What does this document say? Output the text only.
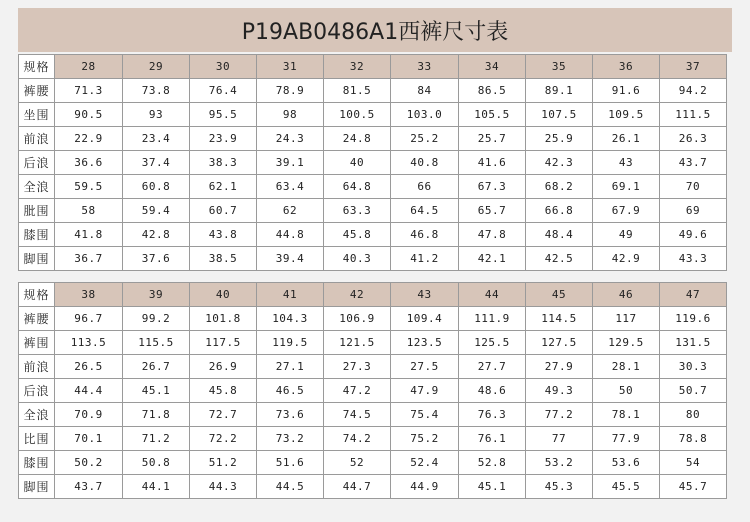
P19AB0486A1西裤尺寸表
规格	28	29	30	31	32	33	34	35	36	37
裤腰	71.3	73.8	76.4	78.9	81.5	84	86.5	89.1	91.6	94.2
坐围	90.5	93	95.5	98	100.5	103.0	105.5	107.5	109.5	111.5
前浪	22.9	23.4	23.9	24.3	24.8	25.2	25.7	25.9	26.1	26.3
后浪	36.6	37.4	38.3	39.1	40	40.8	41.6	42.3	43	43.7
全浪	59.5	60.8	62.1	63.4	64.8	66	67.3	68.2	69.1	70
肶围	58	59.4	60.7	62	63.3	64.5	65.7	66.8	67.9	69
膝围	41.8	42.8	43.8	44.8	45.8	46.8	47.8	48.4	49	49.6
脚围	36.7	37.6	38.5	39.4	40.3	41.2	42.1	42.5	42.9	43.3
规格	38	39	40	41	42	43	44	45	46	47
裤腰	96.7	99.2	101.8	104.3	106.9	109.4	111.9	114.5	117	119.6
裤围	113.5	115.5	117.5	119.5	121.5	123.5	125.5	127.5	129.5	131.5
前浪	26.5	26.7	26.9	27.1	27.3	27.5	27.7	27.9	28.1	30.3
后浪	44.4	45.1	45.8	46.5	47.2	47.9	48.6	49.3	50	50.7
全浪	70.9	71.8	72.7	73.6	74.5	75.4	76.3	77.2	78.1	80
比围	70.1	71.2	72.2	73.2	74.2	75.2	76.1	77	77.9	78.8
膝围	50.2	50.8	51.2	51.6	52	52.4	52.8	53.2	53.6	54
脚围	43.7	44.1	44.3	44.5	44.7	44.9	45.1	45.3	45.5	45.7
